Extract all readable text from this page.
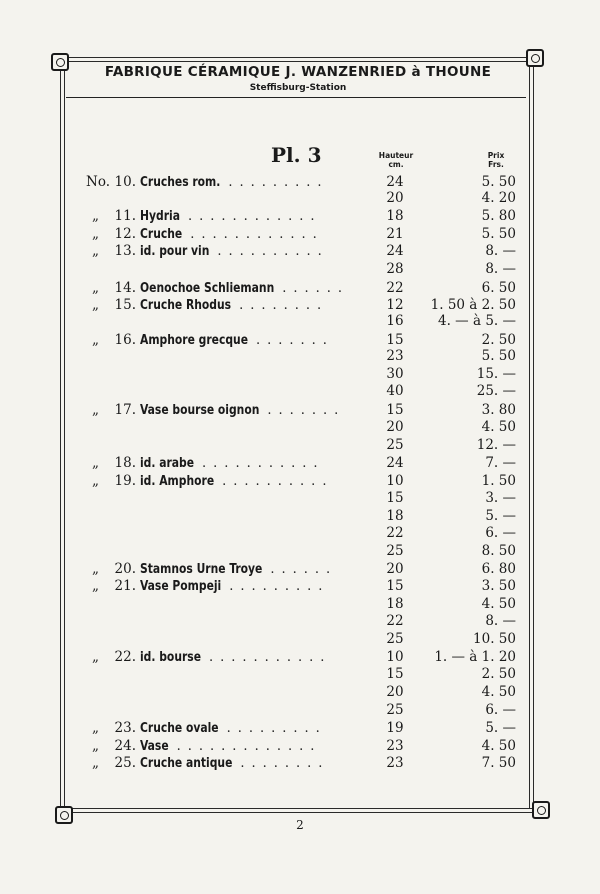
FABRIQUE CÉRAMIQUE J. WANZENRIED à THOUNE
Steffisburg-Station
Pl. 3	Hauteur
cm.
Prix
Frs.
No. 10. Cruches rom. .........	24	5. 50
20	4. 20
„	11. Hydria ............	18	5. 80
„	12. Cruche ............	21	5. 50
„	13. id. pour vin ..........	24	8. —
28	8. —
„	14. Oenochoe Schliemann ......	22	6. 50
„	15. Cruche Rhodus ........	12	1. 50 à 2. 50
16	4. — à 5. —
„	16. Amphore grecque .......	15	2. 50
23	5. 50
30	15. —
40	25. —
„	17. Vase bourse oignon .......	15	3. 80
20	4. 50
25	12. —
„	18. id. arabe ...........	24	7. —
„	19. id. Amphore ..........	10	1. 50
15	3. —
18	5. —
22	6. —
25	8. 50
„	20. Stamnos Urne Troye ......	20	6. 80
„	21. Vase Pompeji .........	15	3. 50
18	4. 50
22	8. —
25	10. 50
„	22. id. bourse ...........	10	1. — à 1. 20
15	2. 50
20	4. 50
25	6. —
„	23. Cruche ovale .........	19	5. —
„	24. Vase .............	23	4. 50
„	25. Cruche antique ........	23	7. 50
2
